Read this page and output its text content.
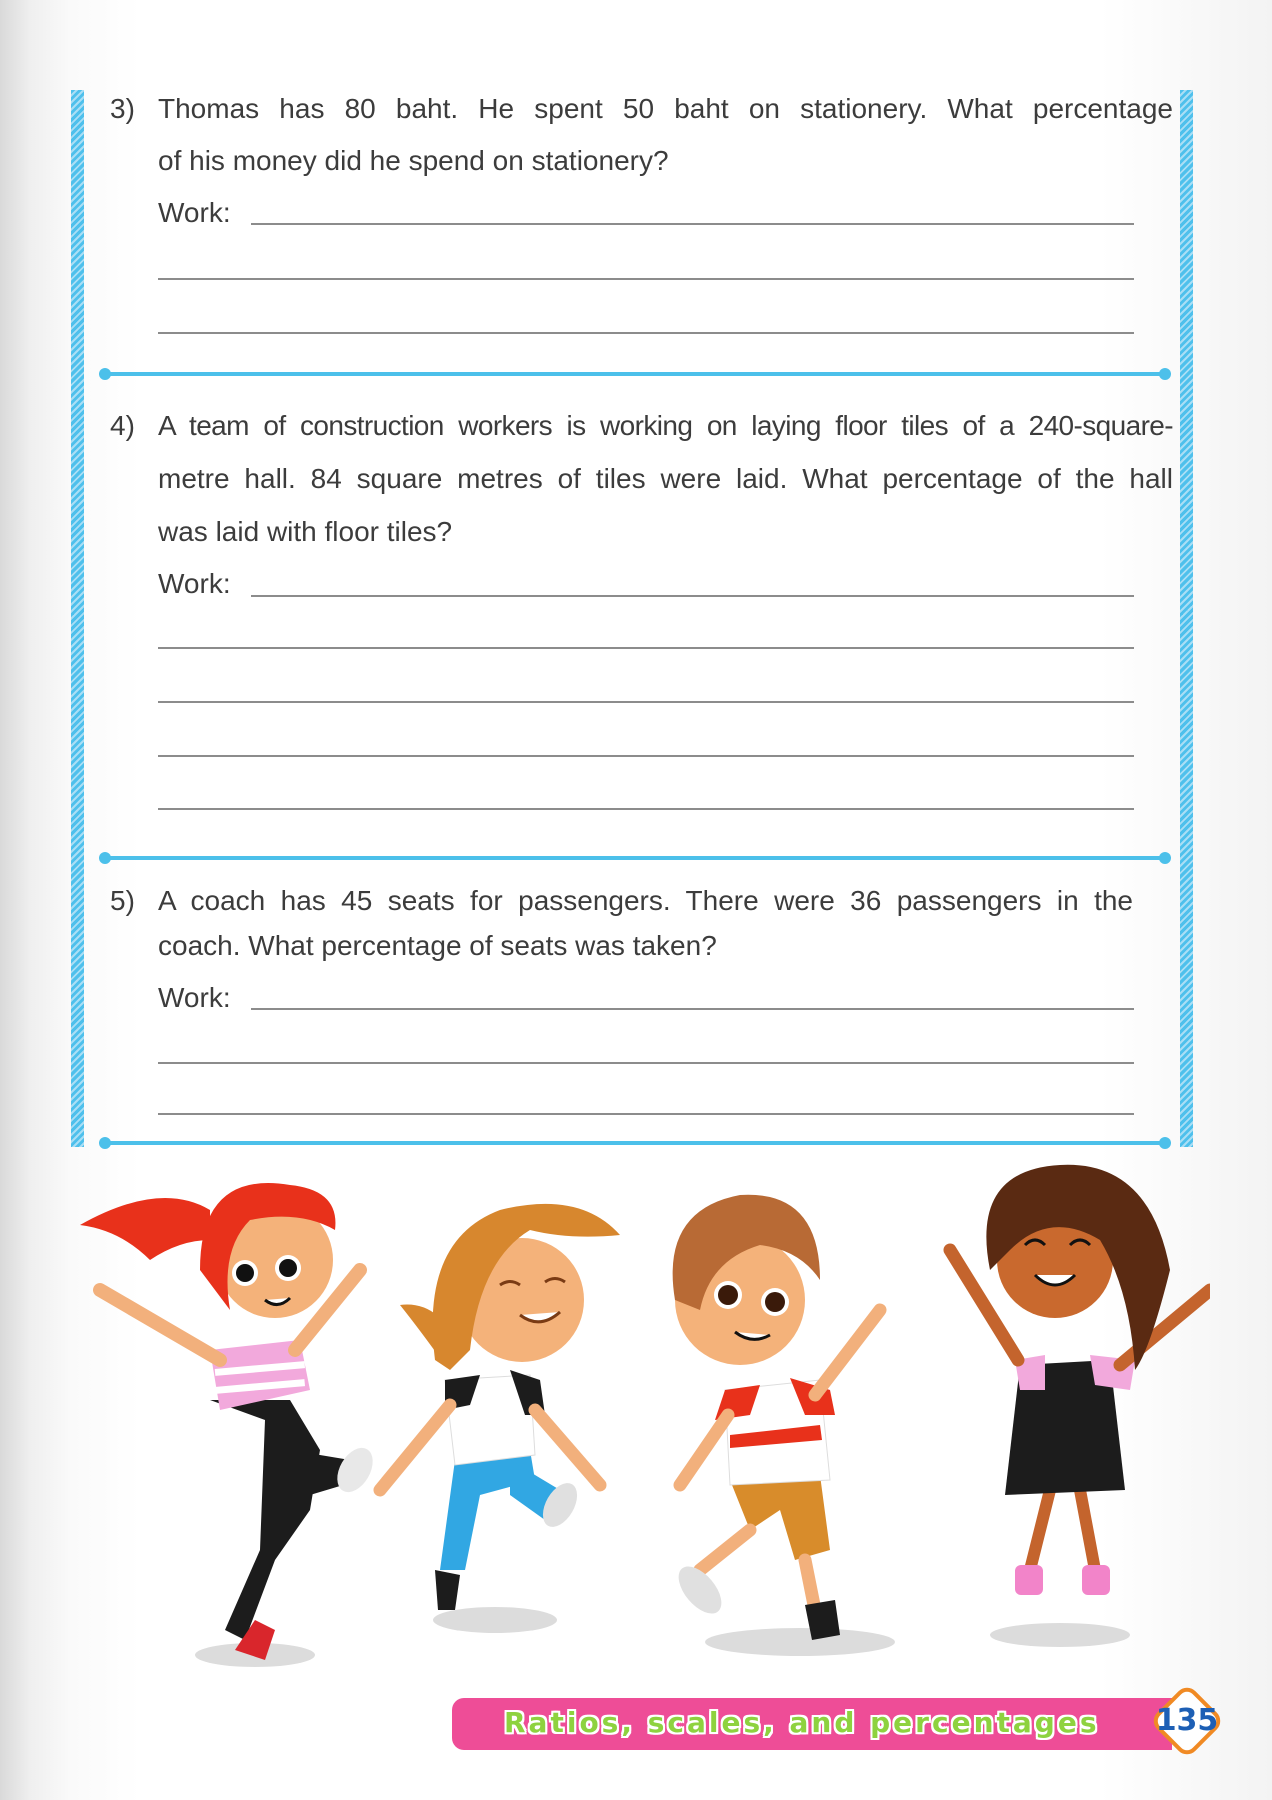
3) Thomas has 80 baht. He spent 50 baht on stationery. What percentage
of his money did he spend on stationery?
Work:
4) A team of construction workers is working on laying floor tiles of a 240-square-
metre hall. 84 square metres of tiles were laid. What percentage of the hall
was laid with floor tiles?
Work:
5) A coach has 45 seats for passengers. There were 36 passengers in the
coach. What percentage of seats was taken?
Work:
Ratios, scales, and percentages 135
